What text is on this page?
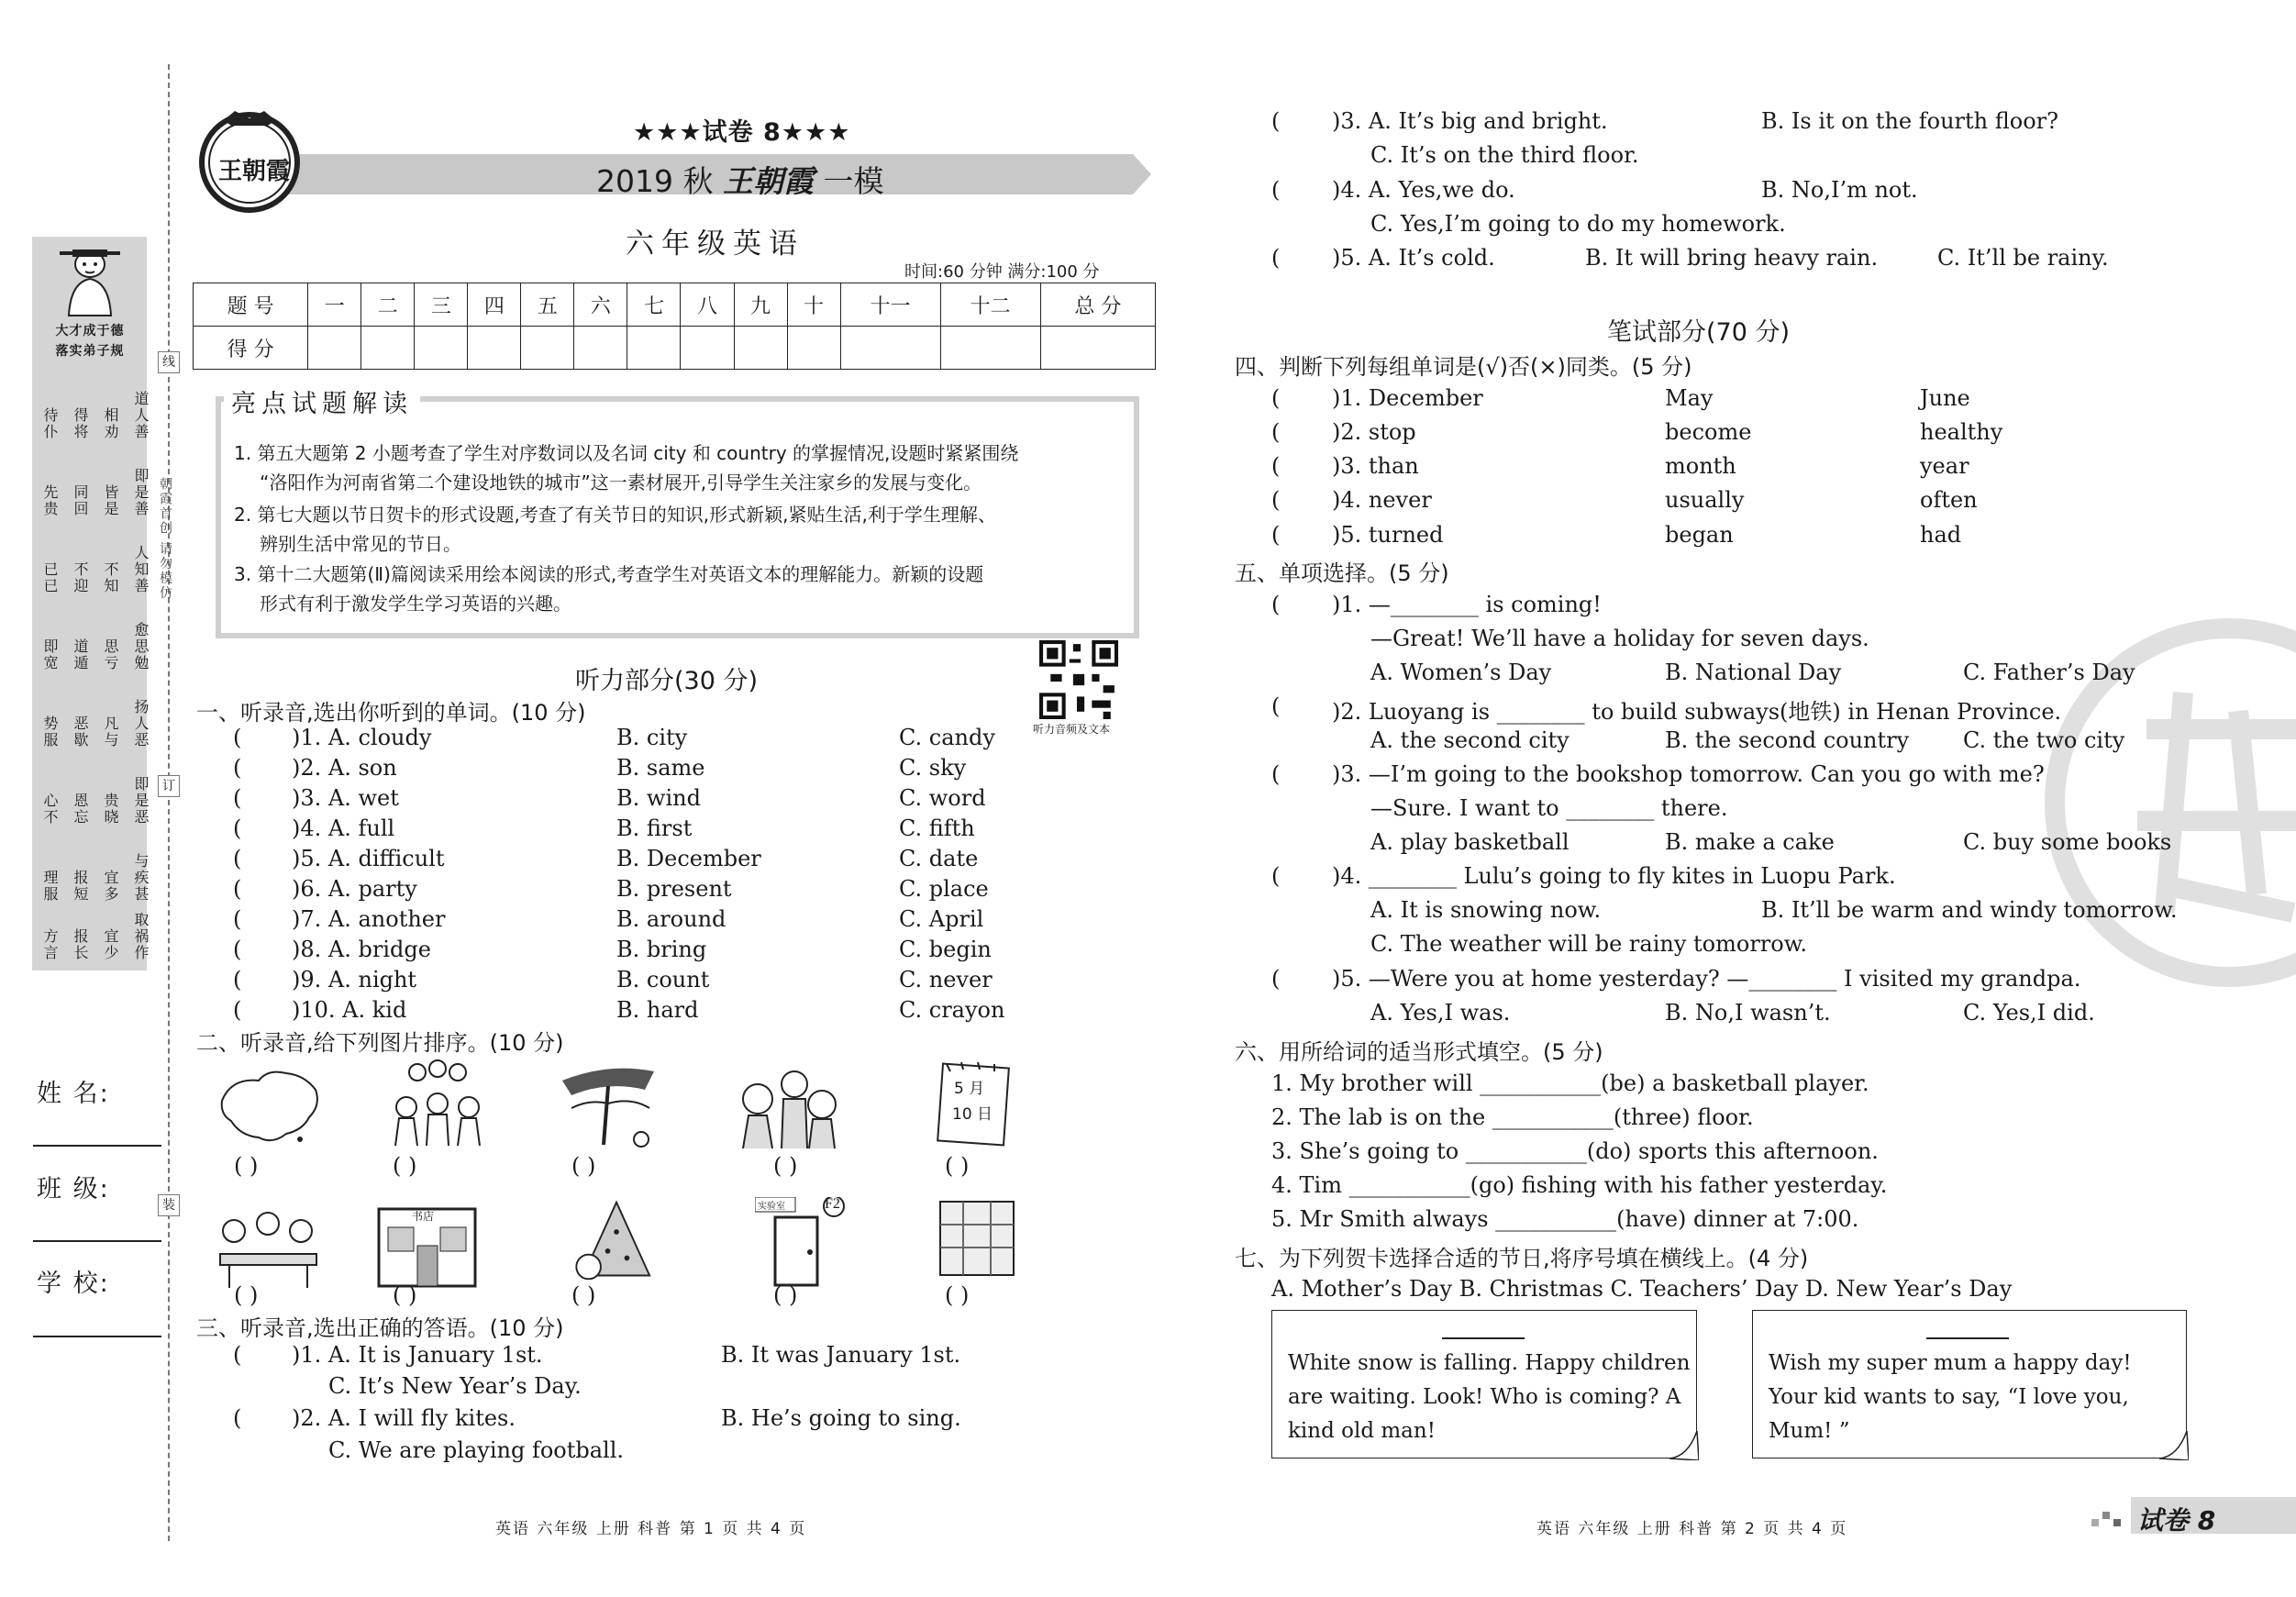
大才成于德
落实弟子规
道人善
相劝
得将
待仆
即是善
皆是
同回
先贵
人知善
不知
不迎
已已
愈思勉
思亏
道遁
即宽
扬人恶
凡与
恶歇
势服
即是恶
贵晓
恩忘
心不
与疾甚
宜多
报短
理服
取祸作
宜少
报长
方言
线
朝霞首创 请勿模仿
订
装
姓 名:
班 级:
学 校:
王朝霞
★★★试卷 8★★★
2019 秋 王朝霞 一模
六年级英语
时间:60 分钟 满分:100 分
题 号	一	二	三	四	五	六	七	八	九	十	十一	十二	总 分
得 分													
亮点试题解读
1. 第五大题第 2 小题考查了学生对序数词以及名词 city 和 country 的掌握情况,设题时紧紧围绕
“洛阳作为河南省第二个建设地铁的城市”这一素材展开,引导学生关注家乡的发展与变化。
2. 第七大题以节日贺卡的形式设题,考查了有关节日的知识,形式新颖,紧贴生活,利于学生理解、
辨别生活中常见的节日。
3. 第十二大题第(Ⅱ)篇阅读采用绘本阅读的形式,考查学生对英语文本的理解能力。新颖的设题
形式有利于激发学生学习英语的兴趣。
听力部分(30 分)
听力音频及文本
一、听录音,选出你听到的单词。(10 分)
( )1. A. cloudy	B. city	C. candy
( )2. A. son	B. same	C. sky
( )3. A. wet	B. wind	C. word
( )4. A. full	B. first	C. fifth
( )5. A. difficult	B. December	C. date
( )6. A. party	B. present	C. place
( )7. A. another	B. around	C. April
( )8. A. bridge	B. bring	C. begin
( )9. A. night	B. count	C. never
( )10. A. kid	B. hard	C. crayon
二、听录音,给下列图片排序。(10 分)
5 月
10 日
( )	( )	( )	( )	( )
书店
实验室	F2
( )	( )	( )	( )	( )
三、听录音,选出正确的答语。(10 分)
( )1. A. It is January 1st.	B. It was January 1st.
C. It’s New Year’s Day.
( )2. A. I will fly kites.	B. He’s going to sing.
C. We are playing football.
英语 六年级 上册 科普 第 1 页 共 4 页
( )3. A. It’s big and bright.	B. Is it on the fourth floor?
C. It’s on the third floor.
( )4. A. Yes,we do.	B. No,I’m not.
C. Yes,I’m going to do my homework.
( )5. A. It’s cold.	B. It will bring heavy rain.	C. It’ll be rainy.
笔试部分(70 分)
四、判断下列每组单词是(√)否(×)同类。(5 分)
( )1. December	May	June
( )2. stop	become	healthy
( )3. than	month	year
( )4. never	usually	often
( )5. turned	began	had
五、单项选择。(5 分)
( )1. —________ is coming!
—Great! We’ll have a holiday for seven days.
A. Women’s Day	B. National Day	C. Father’s Day
( )2. Luoyang is ________ to build subways(地铁) in Henan Province.
A. the second city	B. the second country C. the two city
( )3. —I’m going to the bookshop tomorrow. Can you go with me?
—Sure. I want to ________ there.
A. play basketball	B. make a cake	C. buy some books
( )4. ________ Lulu’s going to fly kites in Luopu Park.
A. It is snowing now.	B. It’ll be warm and windy tomorrow.
C. The weather will be rainy tomorrow.
( )5. —Were you at home yesterday? —________ I visited my grandpa.
A. Yes,I was.	B. No,I wasn’t.	C. Yes,I did.
六、用所给词的适当形式填空。(5 分)
1. My brother will ___________(be) a basketball player.
2. The lab is on the ___________(three) floor.
3. She’s going to ___________(do) sports this afternoon.
4. Tim ___________(go) fishing with his father yesterday.
5. Mr Smith always ___________(have) dinner at 7:00.
七、为下列贺卡选择合适的节日,将序号填在横线上。(4 分)
A. Mother’s Day B. Christmas C. Teachers’ Day D. New Year’s Day
White snow is falling. Happy children
are waiting. Look! Who is coming? A
kind old man!
Wish my super mum a happy day!
Your kid wants to say, “I love you,
Mum! ”
英语 六年级 上册 科普 第 2 页 共 4 页	试卷 8
